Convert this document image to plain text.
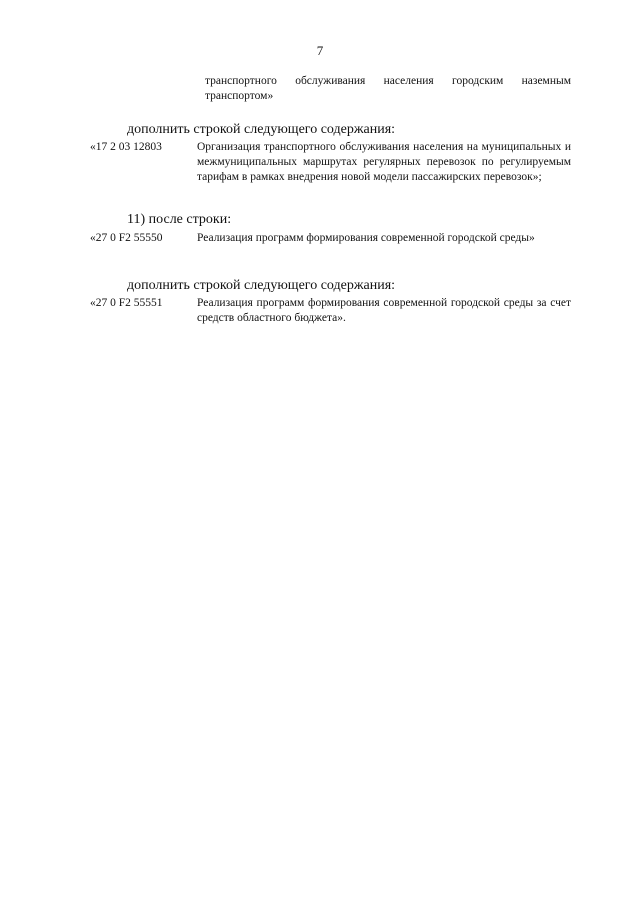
7
транспортного обслуживания населения городским наземным транспортом»
дополнить строкой следующего содержания:
«17 2 03 12803	Организация транспортного обслуживания населения на муниципальных и межмуниципальных маршрутах регулярных перевозок по регулируемым тарифам в рамках внедрения новой модели пассажирских перевозок»;
11) после строки:
«27 0 F2 55550	Реализация программ формирования современной городской среды»
дополнить строкой следующего содержания:
«27 0 F2 55551	Реализация программ формирования современной городской среды за счет средств областного бюджета».
